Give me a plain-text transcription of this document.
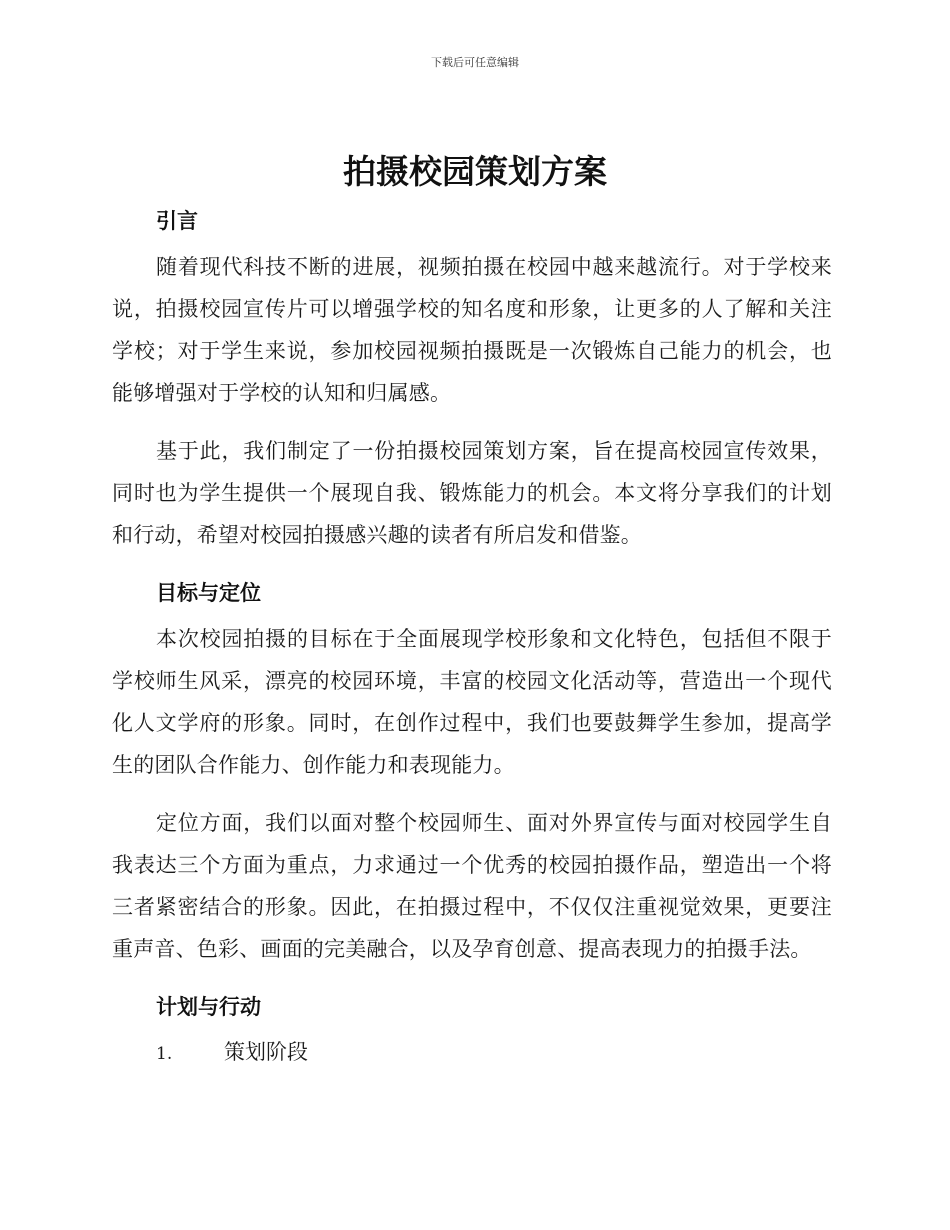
下载后可任意编辑
拍摄校园策划方案
引言

随着现代科技不断的进展，视频拍摄在校园中越来越流行。对于学校来说，拍摄校园宣传片可以增强学校的知名度和形象，让更多的人了解和关注学校；对于学生来说，参加校园视频拍摄既是一次锻炼自己能力的机会，也能够增强对于学校的认知和归属感。

基于此，我们制定了一份拍摄校园策划方案，旨在提高校园宣传效果，同时也为学生提供一个展现自我、锻炼能力的机会。本文将分享我们的计划和行动，希望对校园拍摄感兴趣的读者有所启发和借鉴。

目标与定位

本次校园拍摄的目标在于全面展现学校形象和文化特色，包括但不限于学校师生风采，漂亮的校园环境，丰富的校园文化活动等，营造出一个现代化人文学府的形象。同时，在创作过程中，我们也要鼓舞学生参加，提高学生的团队合作能力、创作能力和表现能力。

定位方面，我们以面对整个校园师生、面对外界宣传与面对校园学生自我表达三个方面为重点，力求通过一个优秀的校园拍摄作品，塑造出一个将三者紧密结合的形象。因此，在拍摄过程中，不仅仅注重视觉效果，更要注重声音、色彩、画面的完美融合，以及孕育创意、提高表现力的拍摄手法。

计划与行动
1.	策划阶段
